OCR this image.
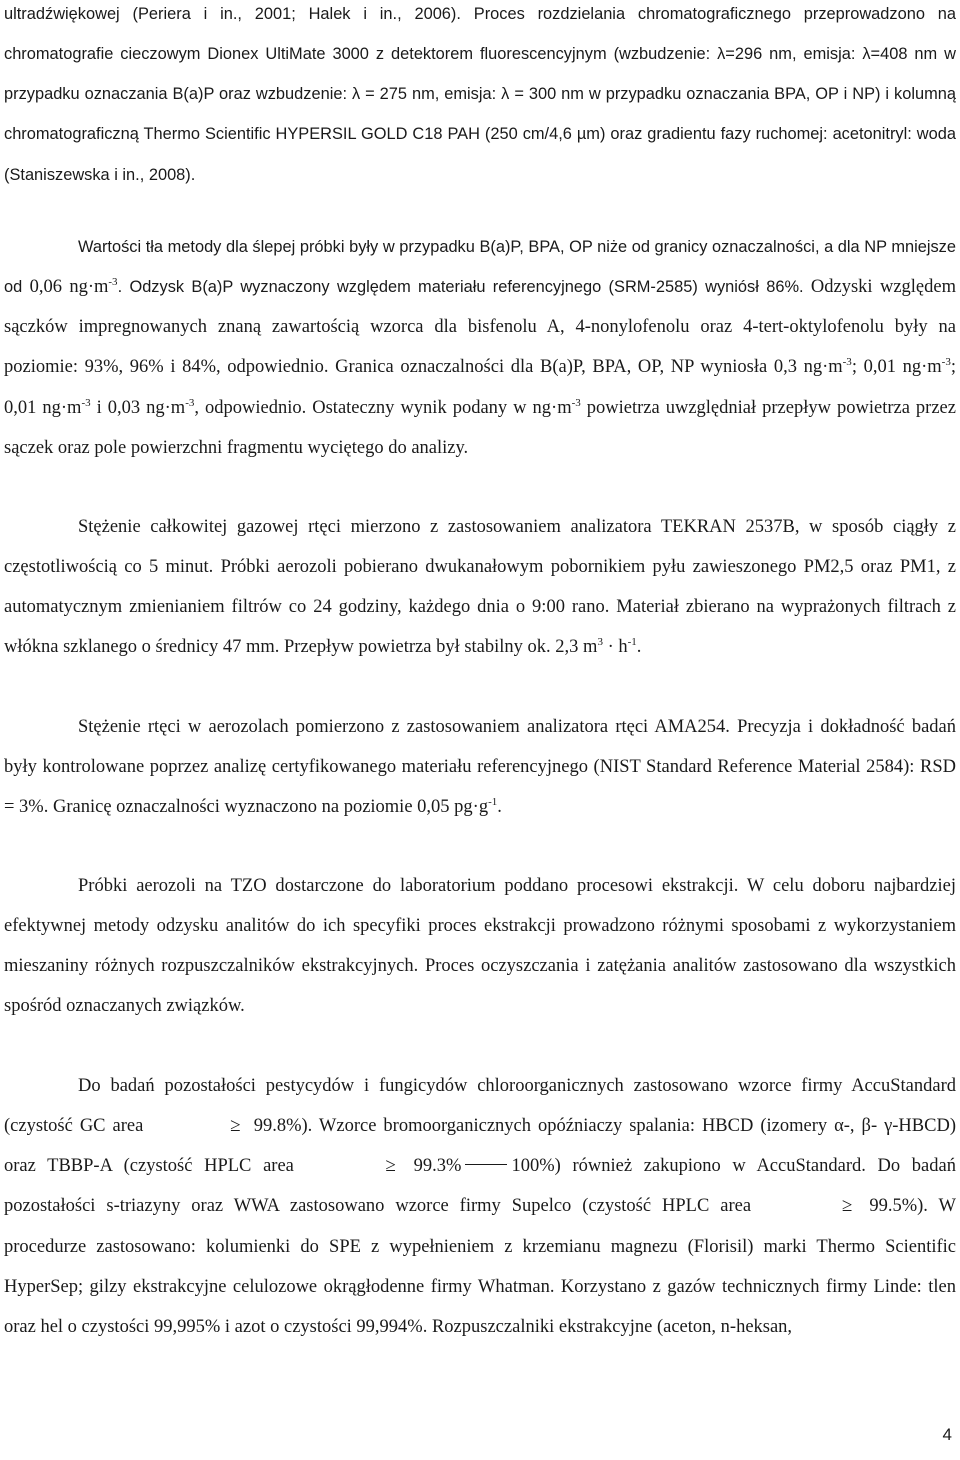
ultradźwiękowej (Periera i in., 2001; Halek i in., 2006). Proces rozdzielania chromatograficznego przeprowadzono na chromatografie cieczowym Dionex UltiMate 3000 z detektorem fluorescencyjnym (wzbudzenie: λ=296 nm, emisja: λ=408 nm w przypadku oznaczania B(a)P oraz wzbudzenie: λ = 275 nm, emisja: λ = 300 nm w przypadku oznaczania BPA, OP i NP) i kolumną chromatograficzną Thermo Scientific HYPERSIL GOLD C18 PAH (250 cm/4,6 µm) oraz gradientu fazy ruchomej: acetonitryl: woda (Staniszewska i in., 2008).

Wartości tła metody dla ślepej próbki były w przypadku B(a)P, BPA, OP niże od granicy oznaczalności, a dla NP mniejsze od 0,06 $ng\cdot m^{-3}$. Odzysk B(a)P wyznaczony względem materiału referencyjnego (SRM-2585) wyniósł 86%. Odzyski względem sączków impregnowanych znaną zawartością wzorca dla bisfenolu A, 4-nonylofenolu oraz 4-tert-oktylofenolu były na poziomie: 93%, 96% i 84%, odpowiednio. Granica oznaczalności dla B(a)P, BPA, OP, NP wyniosła 0,3 $ng\cdot m^{-3}$; 0,01 $ng\cdot m^{-3}$; 0,01 $ng\cdot m^{-3}$ i 0,03 $ng\cdot m^{-3}$, odpowiednio. Ostateczny wynik podany w $ng\cdot m^{-3}$ powietrza uwzględniał przepływ powietrza przez sączek oraz pole powierzchni fragmentu wyciętego do analizy.

Stężenie całkowitej gazowej rtęci mierzono z zastosowaniem analizatora TEKRAN 2537B, w sposób ciągły z częstotliwością co 5 minut. Próbki aerozoli pobierano dwukanałowym pobornikiem pyłu zawieszonego PM2,5 oraz PM1, z automatycznym zmienianiem filtrów co 24 godziny, każdego dnia o 9:00 rano. Materiał zbierano na wyprażonych filtrach z włókna szklanego o średnicy 47 mm. Przepływ powietrza był stabilny ok. 2,3 $m^3 \cdot h^{-1}$.

Stężenie rtęci w aerozolach pomierzono z zastosowaniem analizatora rtęci AMA254. Precyzja i dokładność badań były kontrolowane poprzez analizę certyfikowanego materiału referencyjnego (NIST Standard Reference Material 2584): RSD = 3%. Granicę oznaczalności wyznaczono na poziomie 0,05 $pg\cdot g^{-1}$.

Próbki aerozoli na TZO dostarczone do laboratorium poddano procesowi ekstrakcji. W celu doboru najbardziej efektywnej metody odzysku analitów do ich specyfiki proces ekstrakcji prowadzono różnymi sposobami z wykorzystaniem mieszaniny różnych rozpuszczalników ekstrakcyjnych. Proces oczyszczania i zatężania analitów zastosowano dla wszystkich spośród oznaczanych związków.

Do badań pozostałości pestycydów i fungicydów chloroorganicznych zastosowano wzorce firmy AccuStandard (czystość GC area	≥ 99.8%). Wzorce bromoorganicznych opóźniaczy spalania: HBCD (izomery α-, β- γ-HBCD) oraz TBBP-A (czystość HPLC area	≥ 99.3%	100%) również zakupiono w AccuStandard. Do badań pozostałości s-triazyny oraz WWA zastosowano wzorce firmy Supelco (czystość HPLC area	≥ 99.5%). W procedurze zastosowano: kolumienki do SPE z wypełnieniem z krzemianu magnezu (Florisil) marki Thermo Scientific HyperSep; gilzy ekstrakcyjne celulozowe okrągłodenne firmy Whatman. Korzystano z gazów technicznych firmy Linde: tlen oraz hel o czystości 99,995% i azot o czystości 99,994%. Rozpuszczalniki ekstrakcyjne (aceton, n-heksan,

4
